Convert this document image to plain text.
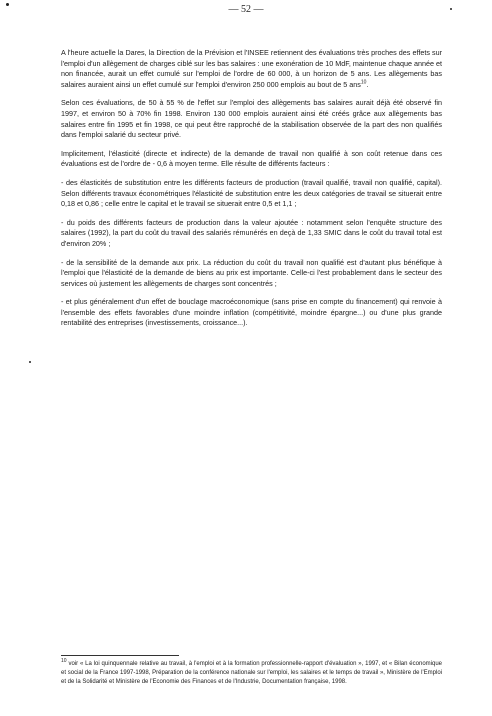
— 52 —

A l'heure actuelle la Dares, la Direction de la Prévision et l'INSEE retiennent des évaluations très proches des effets sur l'emploi d'un allègement de charges ciblé sur les bas salaires : une exonération de 10 MdF, maintenue chaque année et non financée, aurait un effet cumulé sur l'emploi de l'ordre de 60 000, à un horizon de 5 ans. Les allègements bas salaires auraient ainsi un effet cumulé sur l'emploi d'environ 250 000 emplois au bout de 5 ans$^{10}$.

Selon ces évaluations, de 50 à 55 % de l'effet sur l'emploi des allègements bas salaires aurait déjà été observé fin 1997, et environ 50 à 70% fin 1998. Environ 130 000 emplois auraient ainsi été créés grâce aux allègements bas salaires entre fin 1995 et fin 1998, ce qui peut être rapproché de la stabilisation observée de la part des non qualifiés dans l'emploi salarié du secteur privé.

Implicitement, l'élasticité (directe et indirecte) de la demande de travail non qualifié à son coût retenue dans ces évaluations est de l'ordre de - 0,6 à moyen terme. Elle résulte de différents facteurs :

- des élasticités de substitution entre les différents facteurs de production (travail qualifié, travail non qualifié, capital). Selon différents travaux économétriques l'élasticité de substitution entre les deux catégories de travail se situerait entre 0,18 et 0,86 ; celle entre le capital et le travail se situerait entre 0,5 et 1,1 ;

- du poids des différents facteurs de production dans la valeur ajoutée : notamment selon l'enquête structure des salaires (1992), la part du coût du travail des salariés rémunérés en deçà de 1,33 SMIC dans le coût du travail total est d'environ 20% ;

- de la sensibilité de la demande aux prix. La réduction du coût du travail non qualifié est d'autant plus bénéfique à l'emploi que l'élasticité de la demande de biens au prix est importante. Celle-ci l'est probablement dans le secteur des services où justement les allègements de charges sont concentrés ;

- et plus généralement d'un effet de bouclage macroéconomique (sans prise en compte du financement) qui renvoie à l'ensemble des effets favorables d'une moindre inflation (compétitivité, moindre épargne...) ou d'une plus grande rentabilité des entreprises (investissements, croissance...).

$^{10}$ voir « La loi quinquennale relative au travail, à l'emploi et à la formation professionnelle-rapport d'évaluation », 1997, et « Bilan économique et social de la France 1997-1998, Préparation de la conférence nationale sur l'emploi, les salaires et le temps de travail », Ministère de l'Emploi et de la Solidarité et Ministère de l'Economie des Finances et de l'Industrie, Documentation française, 1998.
